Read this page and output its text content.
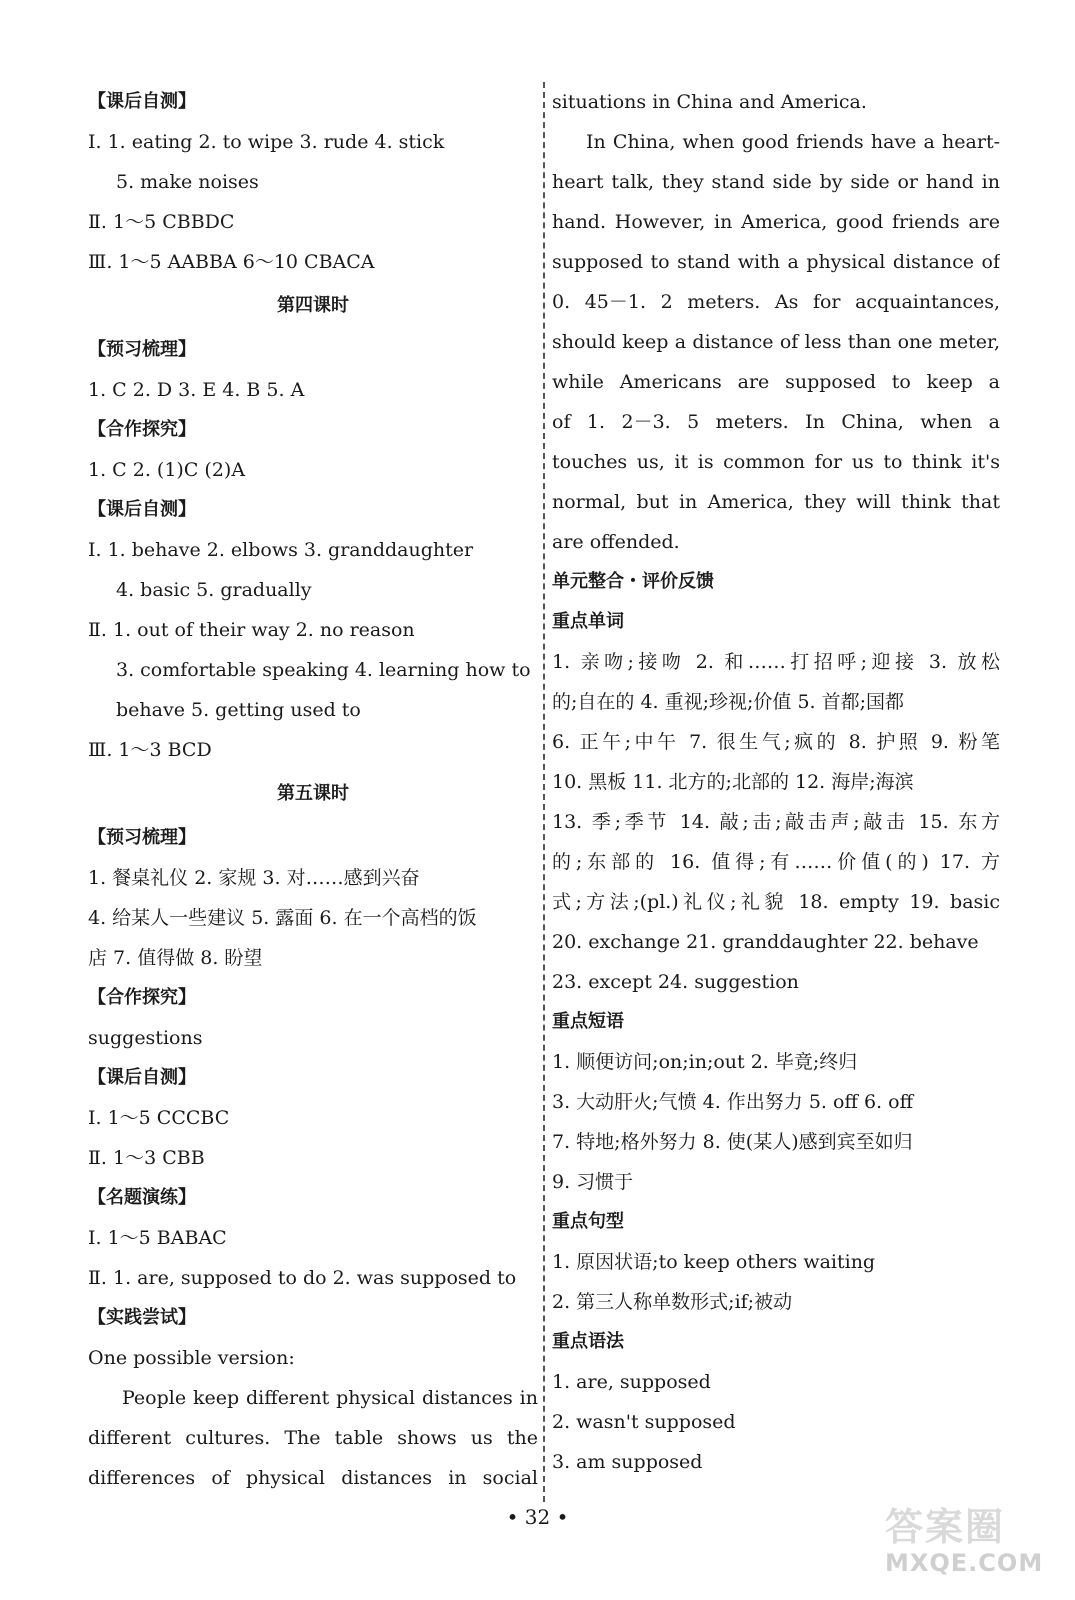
【课后自测】
Ⅰ. 1. eating 2. to wipe 3. rude 4. stick
5. make noises
Ⅱ. 1～5 CBBDC
Ⅲ. 1～5 AABBA 6～10 CBACA
第四课时
【预习梳理】
1. C 2. D 3. E 4. B 5. A
【合作探究】
1. C 2. (1)C (2)A
【课后自测】
Ⅰ. 1. behave 2. elbows 3. granddaughter
4. basic 5. gradually
Ⅱ. 1. out of their way 2. no reason
3. comfortable speaking 4. learning how to
behave 5. getting used to
Ⅲ. 1～3 BCD
第五课时
【预习梳理】
1. 餐桌礼仪 2. 家规 3. 对……感到兴奋
4. 给某人一些建议 5. 露面 6. 在一个高档的饭
店 7. 值得做 8. 盼望
【合作探究】
suggestions
【课后自测】
Ⅰ. 1～5 CCCBC
Ⅱ. 1～3 CBB
【名题演练】
Ⅰ. 1～5 BABAC
Ⅱ. 1. are, supposed to do 2. was supposed to
【实践尝试】
One possible version:
People keep different physical distances in
different cultures. The table shows us the
differences of physical distances in social
situations in China and America.
In China, when good friends have a heart-
heart talk, they stand side by side or hand in
hand. However, in America, good friends are
supposed to stand with a physical distance of
0. 45－1. 2 meters. As for acquaintances,
should keep a distance of less than one meter,
while Americans are supposed to keep a
of 1. 2－3. 5 meters. In China, when a
touches us, it is common for us to think it's
normal, but in America, they will think that
are offended.
单元整合・评价反馈
重点单词
1. 亲吻;接吻 2. 和……打招呼;迎接 3. 放松
的;自在的 4. 重视;珍视;价值 5. 首都;国都
6. 正午;中午 7. 很生气;疯的 8. 护照 9. 粉笔
10. 黑板 11. 北方的;北部的 12. 海岸;海滨
13. 季;季节 14. 敲;击;敲击声;敲击 15. 东方
的;东部的 16. 值得;有……价值(的) 17. 方
式;方法;(pl.)礼仪;礼貌 18. empty 19. basic
20. exchange 21. granddaughter 22. behave
23. except 24. suggestion
重点短语
1. 顺便访问;on;in;out 2. 毕竟;终归
3. 大动肝火;气愤 4. 作出努力 5. off 6. off
7. 特地;格外努力 8. 使(某人)感到宾至如归
9. 习惯于
重点句型
1. 原因状语;to keep others waiting
2. 第三人称单数形式;if;被动
重点语法
1. are, supposed
2. wasn't supposed
3. am supposed
• 32 •	答案圈
MXQE.COM
